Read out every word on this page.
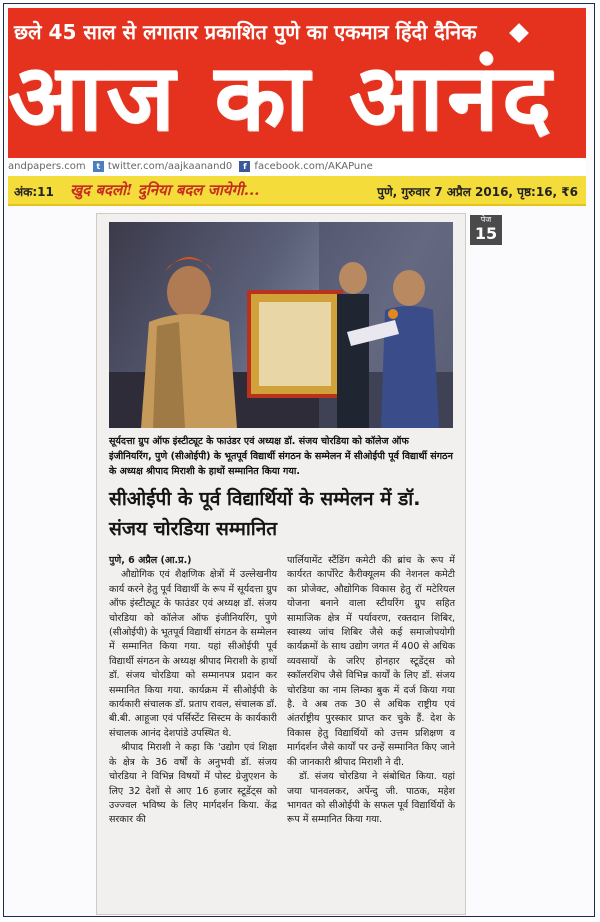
छले 45 साल से लगातार प्रकाशित पुणे का एकमात्र हिंदी दैनिक
आज का आनंद
andpapers.com t twitter.com/aajkaanand0 f facebook.com/AKAPune
अंक:11 खुद बदलो! दुनिया बदल जायेगी...	पुणे, गुरुवार 7 अप्रैल 2016, पृष्ठ:16, ₹6
पेज
15
सूर्यदत्ता ग्रुप ऑफ इंस्टीट्यूट के फाउंडर एवं अध्यक्ष डॉ. संजय चोरडिया को कॉलेज ऑफ इंजीनियरिंग, पुणे (सीओईपी) के भूतपूर्व विद्यार्थी संगठन के सम्मेलन में सीओईपी पूर्व विद्यार्थी संगठन के अध्यक्ष श्रीपाद मिराशी के हाथों सम्मानित किया गया.
सीओईपी के पूर्व विद्यार्थियों के सम्मेलन में डॉ. संजय चोरडिया सम्मानित
पुणे, 6 अप्रैल (आ.प्र.)

औद्योगिक एवं शैक्षणिक क्षेत्रों में उल्लेखनीय कार्य करने हेतु पूर्व विद्यार्थी के रूप में सूर्यदत्ता ग्रुप ऑफ इंस्टीट्यूट के फाउंडर एवं अध्यक्ष डॉ. संजय चोरडिया को कॉलेज ऑफ इंजीनियरिंग, पुणे (सीओईपी) के भूतपूर्व विद्यार्थी संगठन के सम्मेलन में सम्मानित किया गया. यहां सीओईपी पूर्व विद्यार्थी संगठन के अध्यक्ष श्रीपाद मिराशी के हाथों डॉ. संजय चोरडिया को सम्मानपत्र प्रदान कर सम्मानित किया गया. कार्यक्रम में सीओईपी के कार्यकारी संचालक डॉ. प्रताप रावल, संचालक डॉ. बी.बी. आहूजा एवं पर्सिस्टेंट सिस्टम के कार्यकारी संचालक आनंद देशपांडे उपस्थित थे.

श्रीपाद मिराशी ने कहा कि 'उद्योग एवं शिक्षा के क्षेत्र के 36 वर्षों के अनुभवी डॉ. संजय चोरडिया ने विभिन्न विषयों में पोस्ट ग्रेजुएशन के लिए 32 देशों से आए 16 हजार स्टूडेंट्स को उज्ज्वल भविष्य के लिए मार्गदर्शन किया. केंद्र सरकार की

पार्लियामेंट स्टैंडिंग कमेटी की ब्रांच के रूप में कार्यरत कार्पोरेट कैरीक्यूलम की नेशनल कमेटी का प्रोजेक्ट, औद्योगिक विकास हेतु रॉ मटेरियल योजना बनाने वाला स्टीयरिंग ग्रुप सहित सामाजिक क्षेत्र में पर्यावरण, रक्तदान शिबिर, स्वास्थ्य जांच शिबिर जैसे कई समाजोपयोगी कार्यक्रमों के साथ उद्योग जगत में 400 से अधिक व्यवसायों के जरिए होनहार स्टूडेंट्स को स्कॉलरशिप जैसे विभिन्न कार्यों के लिए डॉ. संजय चोरडिया का नाम लिम्का बुक में दर्ज किया गया है. वे अब तक 30 से अधिक राष्ट्रीय एवं अंतर्राष्ट्रीय पुरस्कार प्राप्त कर चुके हैं. देश के विकास हेतु विद्यार्थियों को उत्तम प्रशिक्षण व मार्गदर्शन जैसे कार्यों पर उन्हें सम्मानित किए जाने की जानकारी श्रीपाद मिराशी ने दी.

डॉ. संजय चोरडिया ने संबोधित किया. यहां जया पानवलकर, अर्पेन्दु जी. पाठक, महेश भागवत को सीओईपी के सफल पूर्व विद्यार्थियों के रूप में सम्मानित किया गया.
